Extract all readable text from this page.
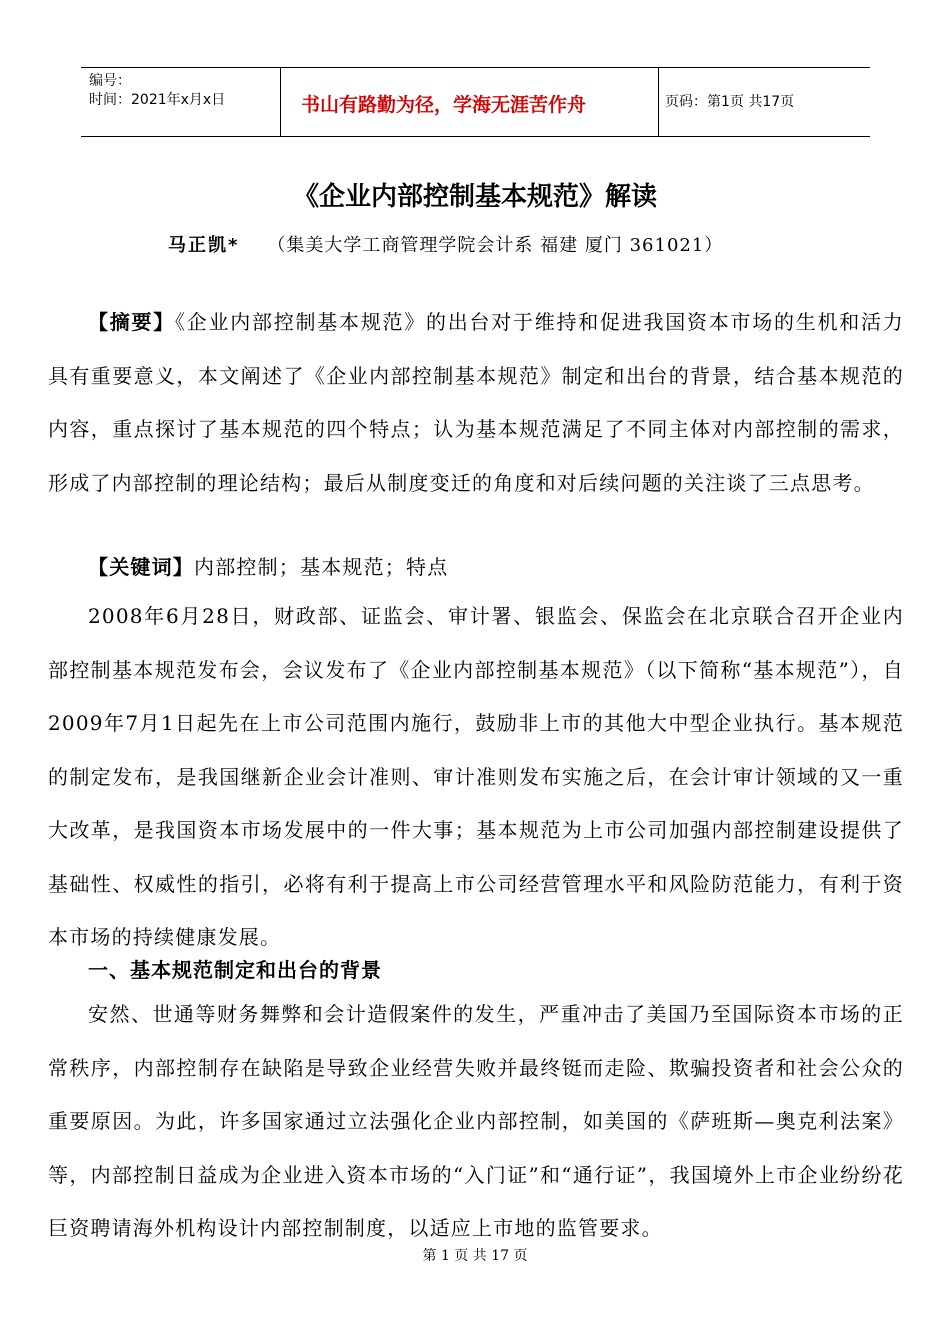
编号：
时间：2021年x月x日	书山有路勤为径，学海无涯苦作舟	页码：第1页 共17页
《企业内部控制基本规范》解读
马正凯* （集美大学工商管理学院会计系 福建 厦门 361021）
【摘要】《企业内部控制基本规范》的出台对于维持和促进我国资本市场的生机和活力具有重要意义，本文阐述了《企业内部控制基本规范》制定和出台的背景，结合基本规范的内容，重点探讨了基本规范的四个特点；认为基本规范满足了不同主体对内部控制的需求，形成了内部控制的理论结构；最后从制度变迁的角度和对后续问题的关注谈了三点思考。
【关键词】内部控制；基本规范；特点
2008年6月28日，财政部、证监会、审计署、银监会、保监会在北京联合召开企业内部控制基本规范发布会，会议发布了《企业内部控制基本规范》（以下简称“基本规范”），自2009年7月1日起先在上市公司范围内施行，鼓励非上市的其他大中型企业执行。基本规范的制定发布，是我国继新企业会计准则、审计准则发布实施之后，在会计审计领域的又一重大改革，是我国资本市场发展中的一件大事；基本规范为上市公司加强内部控制建设提供了基础性、权威性的指引，必将有利于提高上市公司经营管理水平和风险防范能力，有利于资本市场的持续健康发展。
一、基本规范制定和出台的背景
安然、世通等财务舞弊和会计造假案件的发生，严重冲击了美国乃至国际资本市场的正常秩序，内部控制存在缺陷是导致企业经营失败并最终铤而走险、欺骗投资者和社会公众的重要原因。为此，许多国家通过立法强化企业内部控制，如美国的《萨班斯—奥克利法案》等，内部控制日益成为企业进入资本市场的“入门证”和“通行证”，我国境外上市企业纷纷花巨资聘请海外机构设计内部控制制度，以适应上市地的监管要求。
第 1 页 共 17 页
